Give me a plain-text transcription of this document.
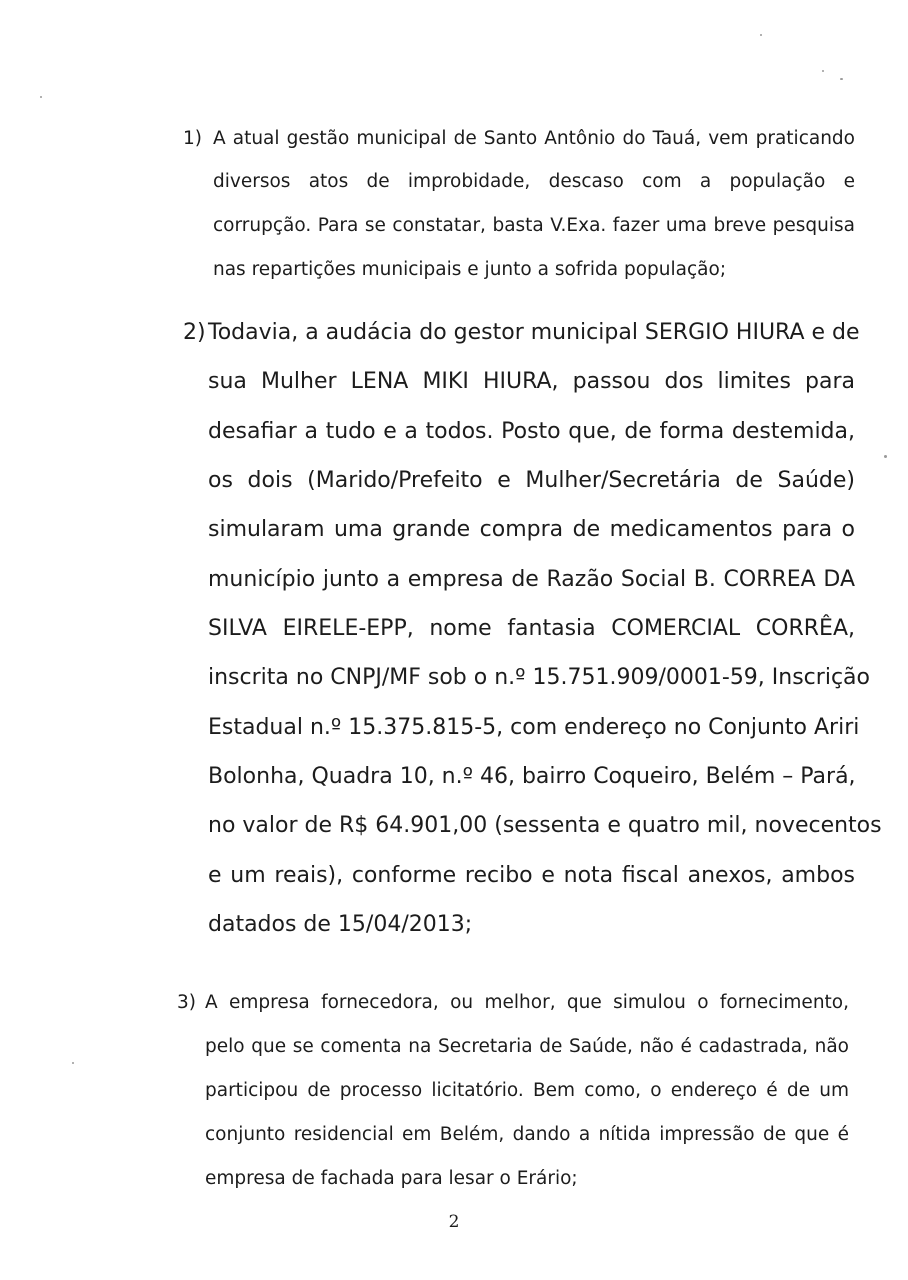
1) A atual gestão municipal de Santo Antônio do Tauá, vem praticando
diversos atos de improbidade, descaso com a população e
corrupção. Para se constatar, basta V.Exa. fazer uma breve pesquisa
nas repartições municipais e junto a sofrida população;
2) Todavia, a audácia do gestor municipal SERGIO HIURA e de
sua Mulher LENA MIKI HIURA, passou dos limites para
desafiar a tudo e a todos. Posto que, de forma destemida,
os dois (Marido/Prefeito e Mulher/Secretária de Saúde)
simularam uma grande compra de medicamentos para o
município junto a empresa de Razão Social B. CORREA DA
SILVA EIRELE-EPP, nome fantasia COMERCIAL CORRÊA,
inscrita no CNPJ/MF sob o n.º 15.751.909/0001-59, Inscrição
Estadual n.º 15.375.815-5, com endereço no Conjunto Ariri
Bolonha, Quadra 10, n.º 46, bairro Coqueiro, Belém – Pará,
no valor de R$ 64.901,00 (sessenta e quatro mil, novecentos
e um reais), conforme recibo e nota fiscal anexos, ambos
datados de 15/04/2013;
3) A empresa fornecedora, ou melhor, que simulou o fornecimento,
pelo que se comenta na Secretaria de Saúde, não é cadastrada, não
participou de processo licitatório. Bem como, o endereço é de um
conjunto residencial em Belém, dando a nítida impressão de que é
empresa de fachada para lesar o Erário;
2
